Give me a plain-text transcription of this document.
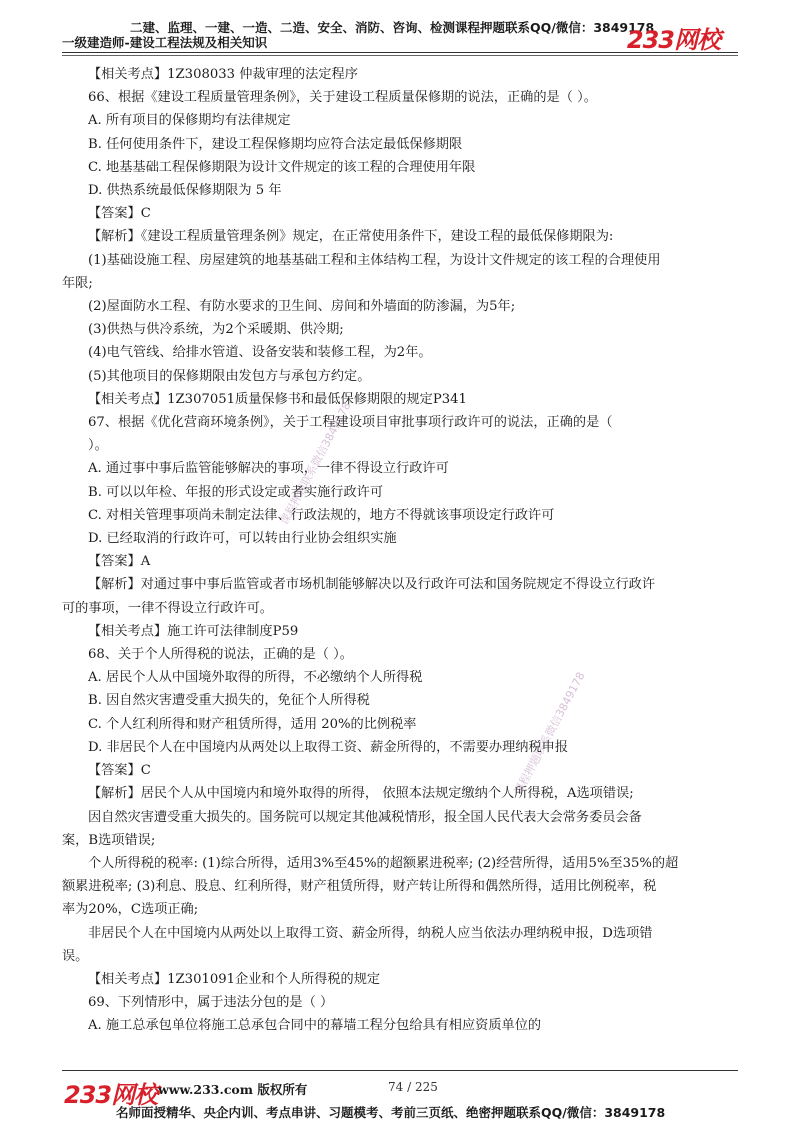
二建、监理、一建、一造、二造、安全、消防、咨询、检测课程押题联系QQ/微信：3849178
一级建造师-建设工程法规及相关知识	233网校
课程押题联系微信3849178
课程押题联系微信3849178

【相关考点】1Z308033 仲裁审理的法定程序

66、根据《建设工程质量管理条例》，关于建设工程质量保修期的说法，正确的是（ ）。

A. 所有项目的保修期均有法律规定

B. 任何使用条件下，建设工程保修期均应符合法定最低保修期限

C. 地基基础工程保修期限为设计文件规定的该工程的合理使用年限

D. 供热系统最低保修期限为 5 年

【答案】C

【解析】《建设工程质量管理条例》规定，在正常使用条件下，建设工程的最低保修期限为:

(1)基础设施工程、房屋建筑的地基基础工程和主体结构工程，为设计文件规定的该工程的合理使用

年限;

(2)屋面防水工程、有防水要求的卫生间、房间和外墙面的防渗漏，为5年;

(3)供热与供冷系统，为2个采暖期、供冷期;

(4)电气管线、给排水管道、设备安装和装修工程，为2年。

(5)其他项目的保修期限由发包方与承包方约定。

【相关考点】1Z307051质量保修书和最低保修期限的规定P341

67、根据《优化营商环境条例》，关于工程建设项目审批事项行政许可的说法，正确的是（

）。

A. 通过事中事后监管能够解决的事项，一律不得设立行政许可

B. 可以以年检、年报的形式设定或者实施行政许可

C. 对相关管理事项尚未制定法律、行政法规的，地方不得就该事项设定行政许可

D. 已经取消的行政许可，可以转由行业协会组织实施

【答案】A

【解析】对通过事中事后监管或者市场机制能够解决以及行政许可法和国务院规定不得设立行政许

可的事项，一律不得设立行政许可。

【相关考点】施工许可法律制度P59

68、关于个人所得税的说法，正确的是（ ）。

A. 居民个人从中国境外取得的所得，不必缴纳个人所得税

B. 因自然灾害遭受重大损失的，免征个人所得税

C. 个人红利所得和财产租赁所得，适用 20%的比例税率

D. 非居民个人在中国境内从两处以上取得工资、薪金所得的，不需要办理纳税申报

【答案】C

【解析】居民个人从中国境内和境外取得的所得， 依照本法规定缴纳个人所得税，A选项错误;

因自然灾害遭受重大损失的。国务院可以规定其他减税情形，报全国人民代表大会常务委员会备

案，B选项错误;

个人所得税的税率: (1)综合所得，适用3%至45%的超额累进税率; (2)经营所得，适用5%至35%的超

额累进税率; (3)利息、股息、红利所得，财产租赁所得，财产转让所得和偶然所得，适用比例税率，税

率为20%，C选项正确;

非居民个人在中国境内从两处以上取得工资、薪金所得，纳税人应当依法办理纳税申报，D选项错

误。

【相关考点】1Z301091企业和个人所得税的规定

69、下列情形中，属于违法分包的是（ ）

A. 施工总承包单位将施工总承包合同中的幕墙工程分包给具有相应资质单位的

233网校 www.233.com 版权所有	74 / 225
名师面授精华、央企内训、考点串讲、习题模考、考前三页纸、绝密押题联系QQ/微信：3849178
